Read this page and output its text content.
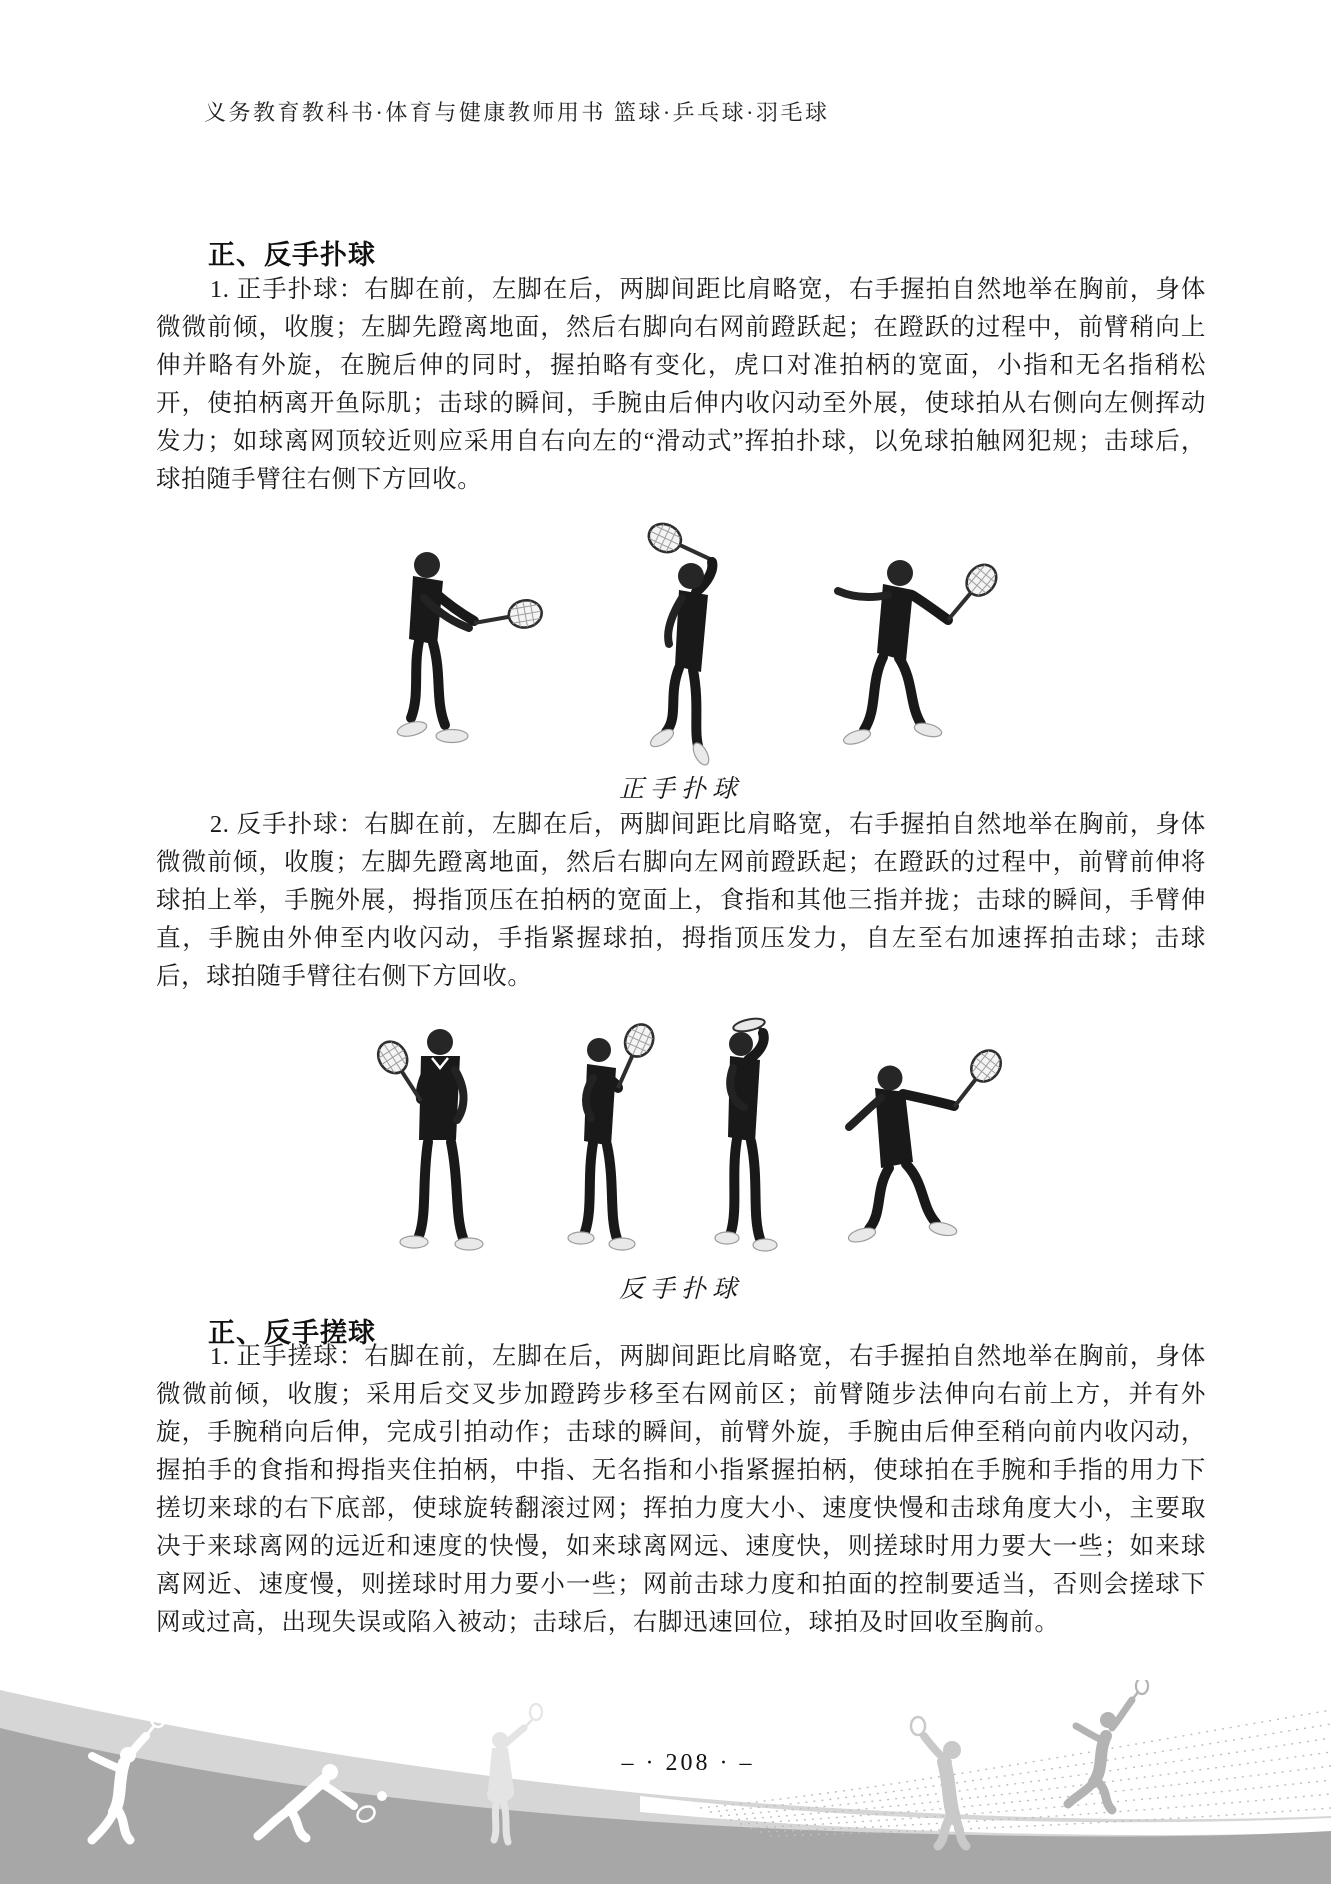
义务教育教科书·体育与健康教师用书 篮球·乒乓球·羽毛球
正、反手扑球

1. 正手扑球：右脚在前，左脚在后，两脚间距比肩略宽，右手握拍自然地举在胸前，身体微微前倾，收腹；左脚先蹬离地面，然后右脚向右网前蹬跃起；在蹬跃的过程中，前臂稍向上伸并略有外旋，在腕后伸的同时，握拍略有变化，虎口对准拍柄的宽面，小指和无名指稍松开，使拍柄离开鱼际肌；击球的瞬间，手腕由后伸内收闪动至外展，使球拍从右侧向左侧挥动发力；如球离网顶较近则应采用自右向左的“滑动式”挥拍扑球，以免球拍触网犯规；击球后，球拍随手臂往右侧下方回收。

正手扑球

2. 反手扑球：右脚在前，左脚在后，两脚间距比肩略宽，右手握拍自然地举在胸前，身体微微前倾，收腹；左脚先蹬离地面，然后右脚向左网前蹬跃起；在蹬跃的过程中，前臂前伸将球拍上举，手腕外展，拇指顶压在拍柄的宽面上，食指和其他三指并拢；击球的瞬间，手臂伸直，手腕由外伸至内收闪动，手指紧握球拍，拇指顶压发力，自左至右加速挥拍击球；击球后，球拍随手臂往右侧下方回收。

反手扑球
正、反手搓球

1. 正手搓球：右脚在前，左脚在后，两脚间距比肩略宽，右手握拍自然地举在胸前，身体微微前倾，收腹；采用后交叉步加蹬跨步移至右网前区；前臂随步法伸向右前上方，并有外旋，手腕稍向后伸，完成引拍动作；击球的瞬间，前臂外旋，手腕由后伸至稍向前内收闪动，握拍手的食指和拇指夹住拍柄，中指、无名指和小指紧握拍柄，使球拍在手腕和手指的用力下搓切来球的右下底部，使球旋转翻滚过网；挥拍力度大小、速度快慢和击球角度大小，主要取决于来球离网的远近和速度的快慢，如来球离网远、速度快，则搓球时用力要大一些；如来球离网近、速度慢，则搓球时用力要小一些；网前击球力度和拍面的控制要适当，否则会搓球下网或过高，出现失误或陷入被动；击球后，右脚迅速回位，球拍及时回收至胸前。

– · 208 · –
